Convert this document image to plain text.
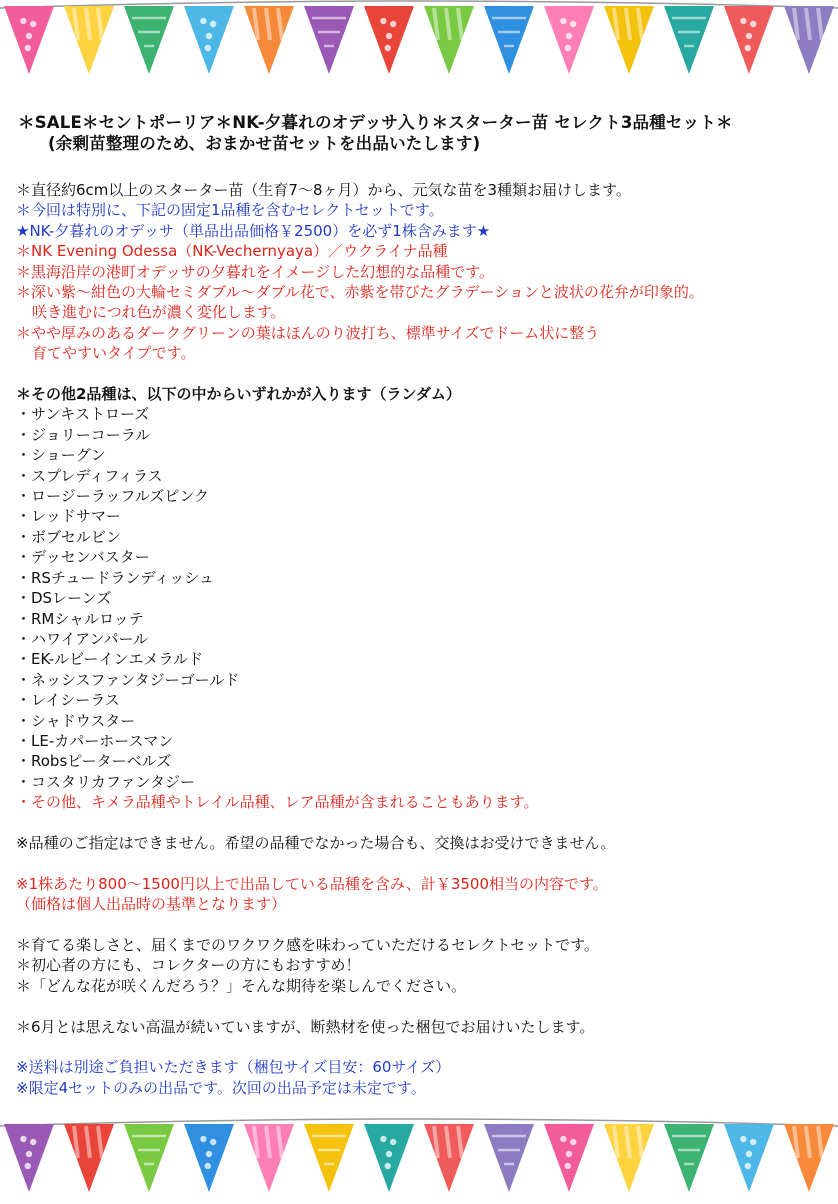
＊SALE＊セントポーリア＊NK-夕暮れのオデッサ入り＊スターター苗 セレクト3品種セット＊
(余剰苗整理のため、おまかせ苗セットを出品いたします)
＊直径約6cm以上のスターター苗（生育7〜8ヶ月）から、元気な苗を3種類お届けします。
＊今回は特別に、下記の固定1品種を含むセレクトセットです。
★NK-夕暮れのオデッサ（単品出品価格￥2500）を必ず1株含みます★
＊NK Evening Odessa（NK-Vechernyaya）／ウクライナ品種
＊黒海沿岸の港町オデッサの夕暮れをイメージした幻想的な品種です。
＊深い紫〜紺色の大輪セミダブル〜ダブル花で、赤紫を帯びたグラデーションと波状の花弁が印象的。
咲き進むにつれ色が濃く変化します。
＊やや厚みのあるダークグリーンの葉はほんのり波打ち、標準サイズでドーム状に整う
育てやすいタイプです。
＊その他2品種は、以下の中からいずれかが入ります（ランダム）
・サンキストローズ
・ジョリーコーラル
・ショーグン
・スプレディフィラス
・ロージーラッフルズピンク
・レッドサマー
・ボブセルビン
・デッセンバスター
・RSチュードランディッシュ
・DSレーンズ
・RMシャルロッテ
・ハワイアンパール
・EK-ルビーインエメラルド
・ネッシスファンタジーゴールド
・レイシーラス
・シャドウスター
・LE-カパーホースマン
・Robsピーターベルズ
・コスタリカファンタジー
・その他、キメラ品種やトレイル品種、レア品種が含まれることもあります。
※品種のご指定はできません。希望の品種でなかった場合も、交換はお受けできません。
※1株あたり800〜1500円以上で出品している品種を含み、計￥3500相当の内容です。
（価格は個人出品時の基準となります）
＊育てる楽しさと、届くまでのワクワク感を味わっていただけるセレクトセットです。
＊初心者の方にも、コレクターの方にもおすすめ！
＊「どんな花が咲くんだろう？」そんな期待を楽しんでください。
＊6月とは思えない高温が続いていますが、断熱材を使った梱包でお届けいたします。
※送料は別途ご負担いただきます（梱包サイズ目安：60サイズ）
※限定4セットのみの出品です。次回の出品予定は未定です。
